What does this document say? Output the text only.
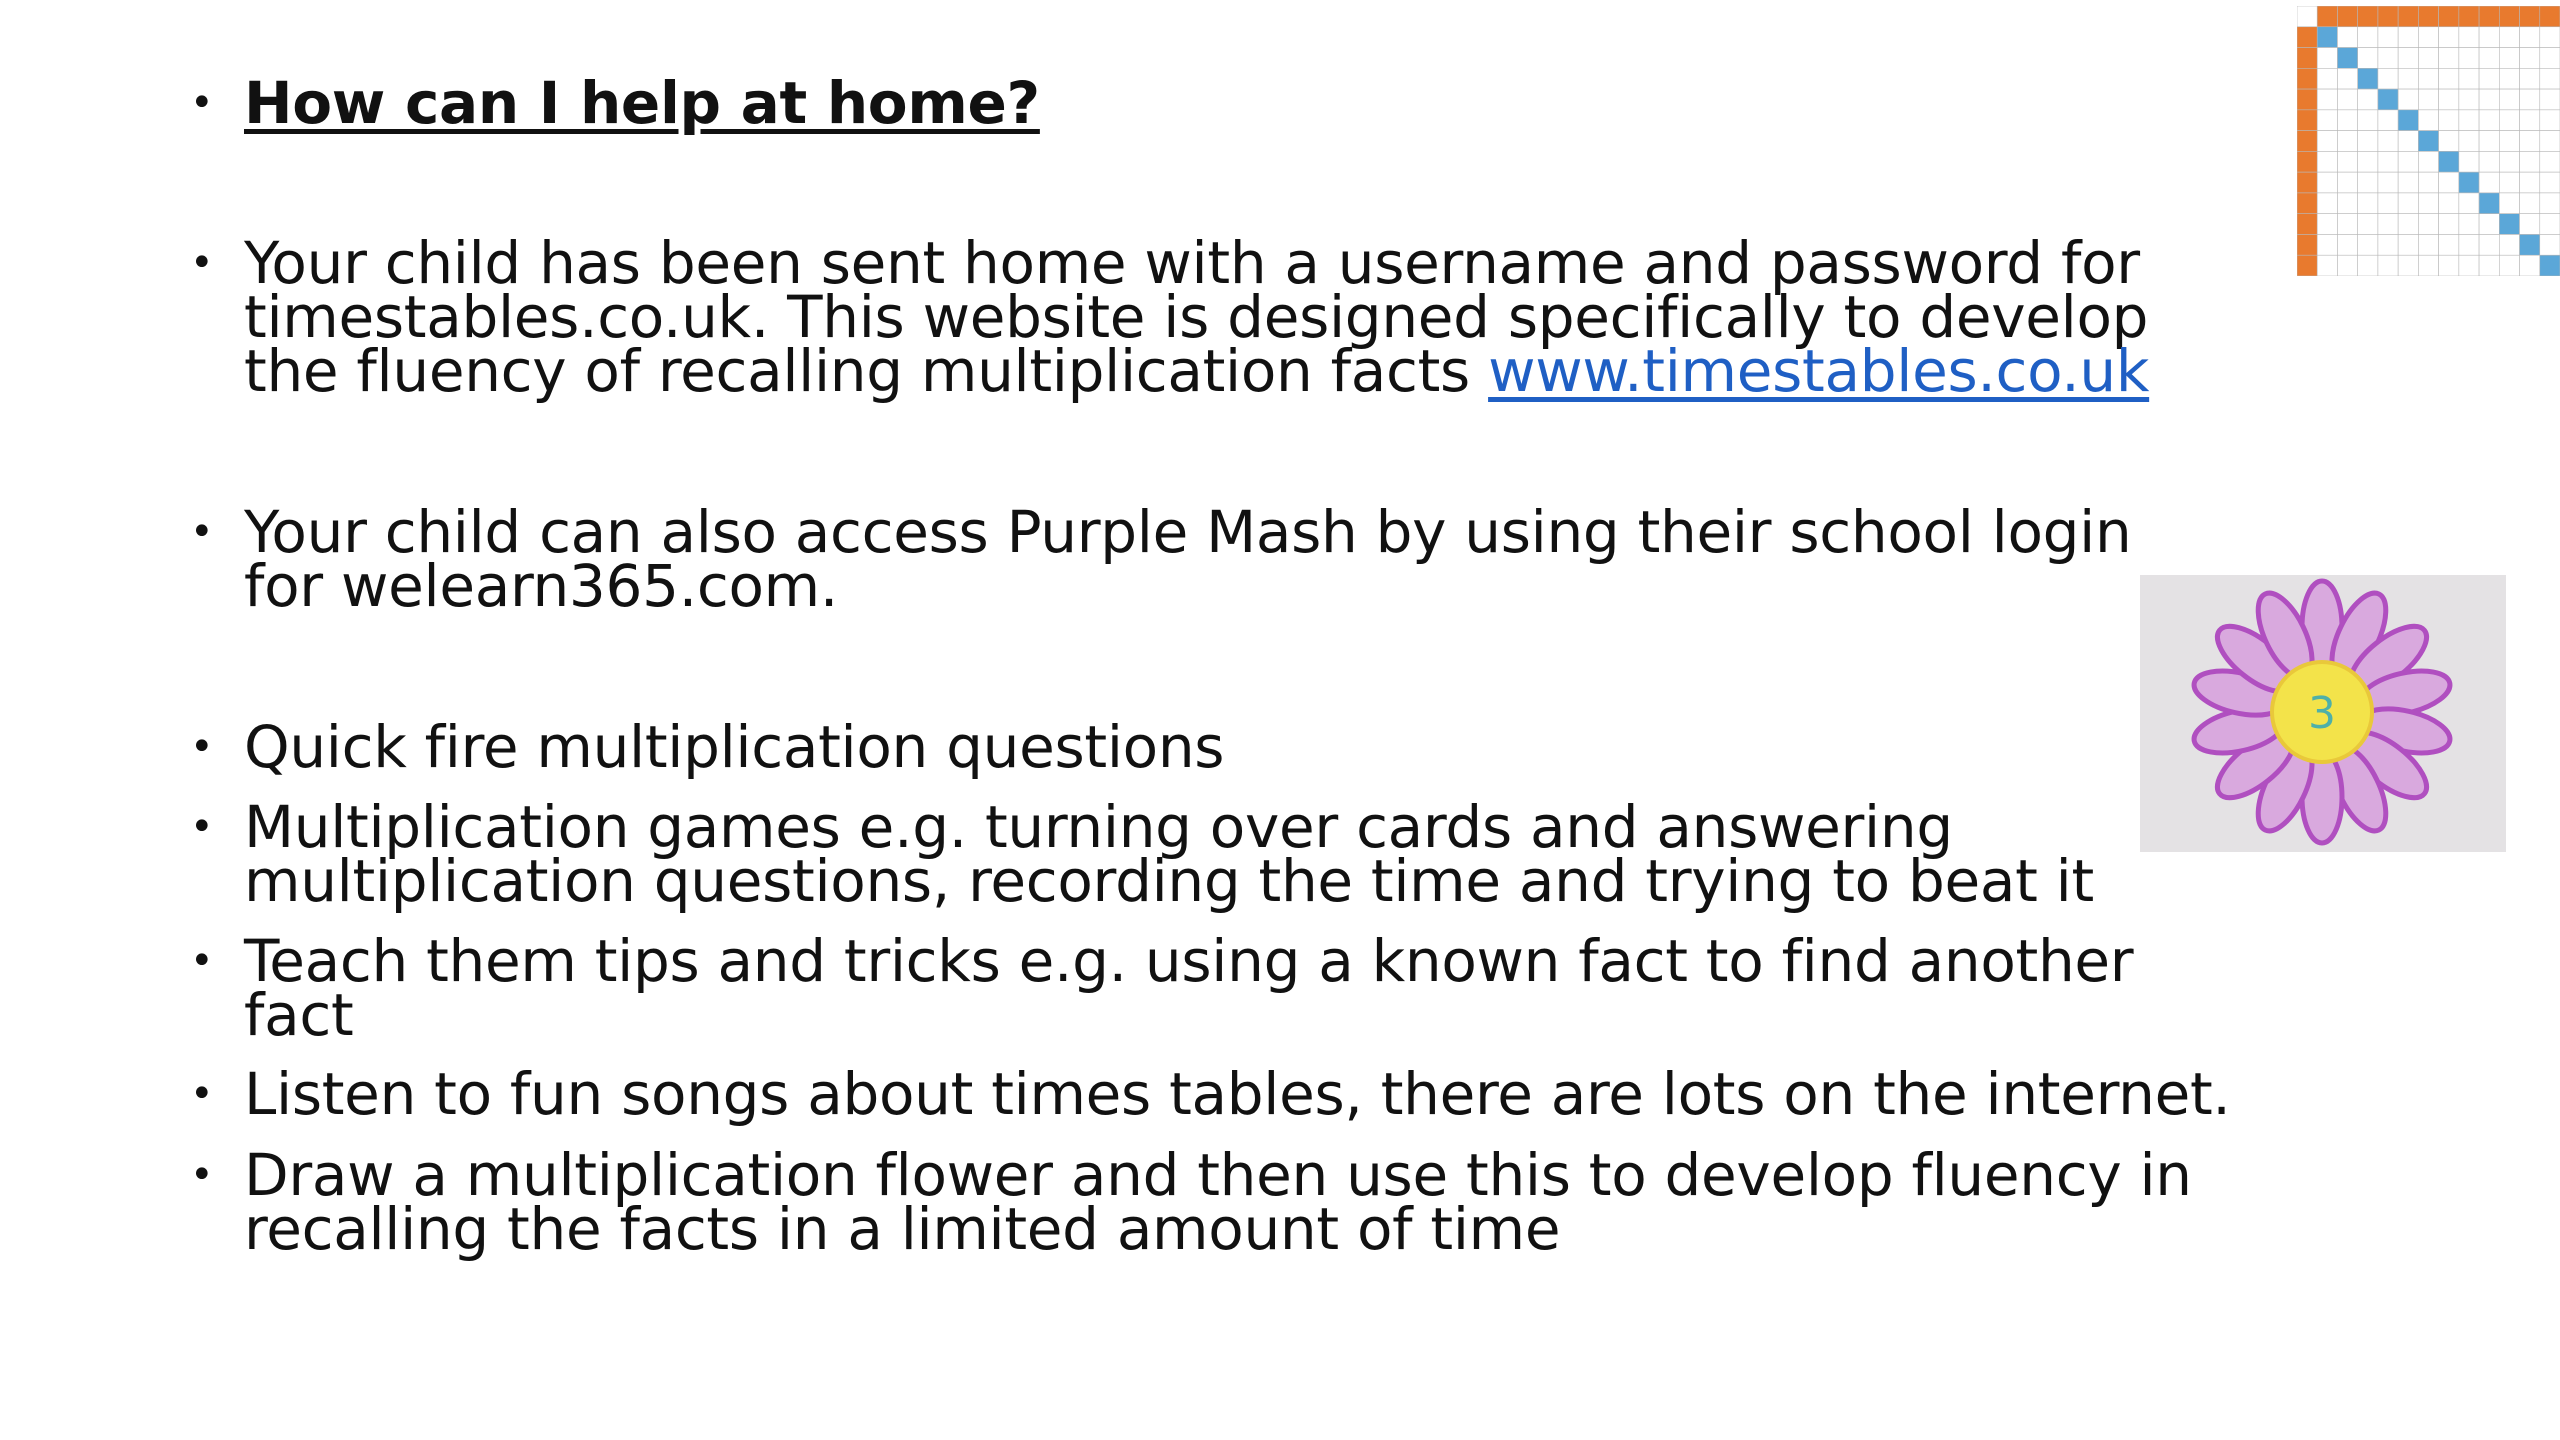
• How can I help at home?
• Your child has been sent home with a username and password for
timestables.co.uk. This website is designed specifically to develop
the fluency of recalling multiplication facts www.timestables.co.uk
• Your child can also access Purple Mash by using their school login
for welearn365.com.
• Quick fire multiplication questions
• Multiplication games e.g. turning over cards and answering
multiplication questions, recording the time and trying to beat it
• Teach them tips and tricks e.g. using a known fact to find another
fact
• Listen to fun songs about times tables, there are lots on the internet.
• Draw a multiplication flower and then use this to develop fluency in
recalling the facts in a limited amount of time
3
